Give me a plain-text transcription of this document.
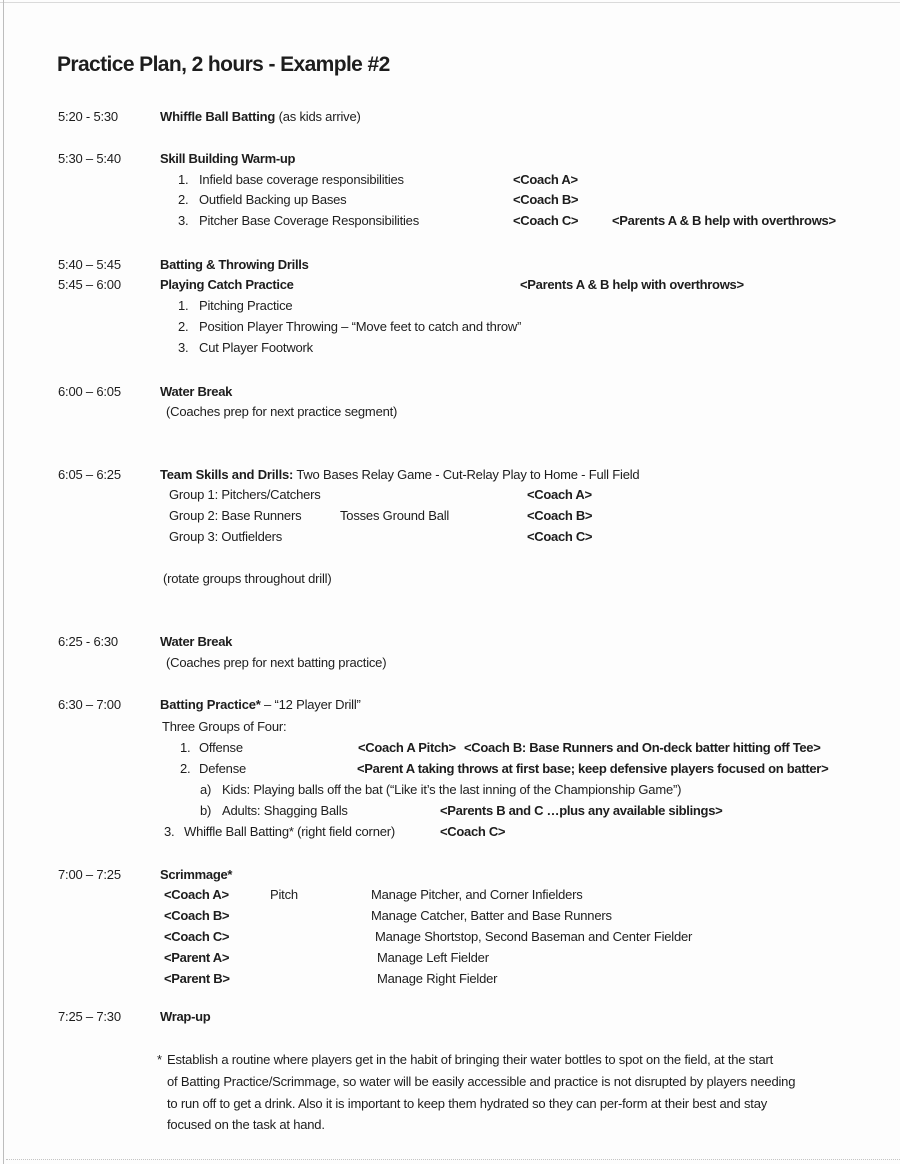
Practice Plan, 2 hours - Example #2
5:20 - 5:30	Whiffle Ball Batting (as kids arrive)
5:30 – 5:40	Skill Building Warm-up
1. Infield base coverage responsibilities	<Coach A>
2. Outfield Backing up Bases	<Coach B>
3. Pitcher Base Coverage Responsibilities	<Coach C>	<Parents A & B help with overthrows>
5:40 – 5:45	Batting & Throwing Drills
5:45 – 6:00	Playing Catch Practice	<Parents A & B help with overthrows>
1. Pitching Practice
2. Position Player Throwing – “Move feet to catch and throw”
3. Cut Player Footwork
6:00 – 6:05	Water Break
(Coaches prep for next practice segment)
6:05 – 6:25	Team Skills and Drills: Two Bases Relay Game - Cut-Relay Play to Home - Full Field
Group 1: Pitchers/Catchers	<Coach A>
Group 2: Base Runners	Tosses Ground Ball	<Coach B>
Group 3: Outfielders	<Coach C>
(rotate groups throughout drill)
6:25 - 6:30	Water Break
(Coaches prep for next batting practice)
6:30 – 7:00	Batting Practice* – “12 Player Drill”
Three Groups of Four:
1. Offense	<Coach A Pitch> <Coach B: Base Runners and On-deck batter hitting off Tee>
2. Defense	<Parent A taking throws at first base; keep defensive players focused on batter>
a) Kids: Playing balls off the bat (“Like it’s the last inning of the Championship Game”)
b) Adults: Shagging Balls	<Parents B and C …plus any available siblings>
3. Whiffle Ball Batting* (right field corner)	<Coach C>
7:00 – 7:25	Scrimmage*
<Coach A>	Pitch	Manage Pitcher, and Corner Infielders
<Coach B>	Manage Catcher, Batter and Base Runners
<Coach C>	Manage Shortstop, Second Baseman and Center Fielder
<Parent A>	Manage Left Fielder
<Parent B>	Manage Right Fielder
7:25 – 7:30	Wrap-up
* Establish a routine where players get in the habit of bringing their water bottles to spot on the field, at the start
of Batting Practice/Scrimmage, so water will be easily accessible and practice is not disrupted by players needing
to run off to get a drink. Also it is important to keep them hydrated so they can per-form at their best and stay
focused on the task at hand.
